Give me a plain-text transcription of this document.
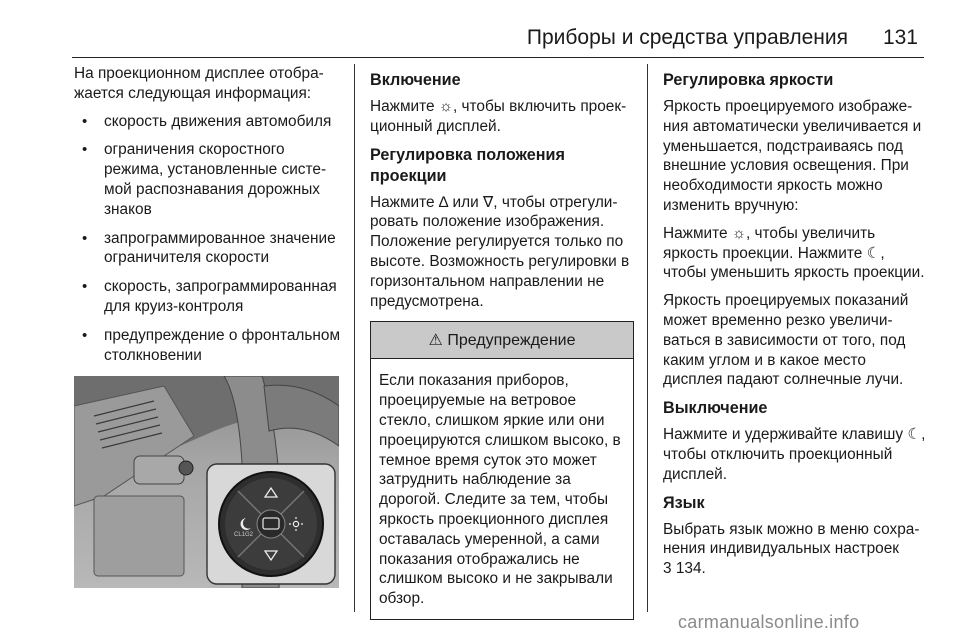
Приборы и средства управления 131

На проекционном дисплее отображается следующая информация:

• скорость движения автомобиля
• ограничения скоростного режима, установленные системой распознавания дорожных знаков
• запрограммированное значение ограничителя скорости
• скорость, запрограммированная для круиз-контроля
• предупреждение о фронтальном столкновении
•
CL1G2
Включение

Нажмите ☼, чтобы включить проекционный дисплей.

Регулировка положения проекции

Нажмите ∆ или ∇, чтобы отрегулировать положение изображения. Положение регулируется только по высоте. Возможность регулировки в горизонтальном направлении не предусмотрена.

⚠ Предупреждение
Если показания приборов, проецируемые на ветровое стекло, слишком яркие или они проецируются слишком высоко, в темное время суток это может затруднить наблюдение за дорогой. Следите за тем, чтобы яркость проекционного дисплея оставалась умеренной, а сами показания отображались не слишком высоко и не закрывали обзор.
Регулировка яркости

Яркость проецируемого изображения автоматически увеличивается и уменьшается, подстраиваясь под внешние условия освещения. При необходимости яркость можно изменить вручную:

Нажмите ☼, чтобы увеличить яркость проекции. Нажмите ☾, чтобы уменьшить яркость проекции.

Яркость проецируемых показаний может временно резко увеличиваться в зависимости от того, под каким углом и в какое место дисплея падают солнечные лучи.

Выключение

Нажмите и удерживайте клавишу ☾, чтобы отключить проекционный дисплей.

Язык

Выбрать язык можно в меню сохранения индивидуальных настроек
3 134.

carmanualsonline.info
